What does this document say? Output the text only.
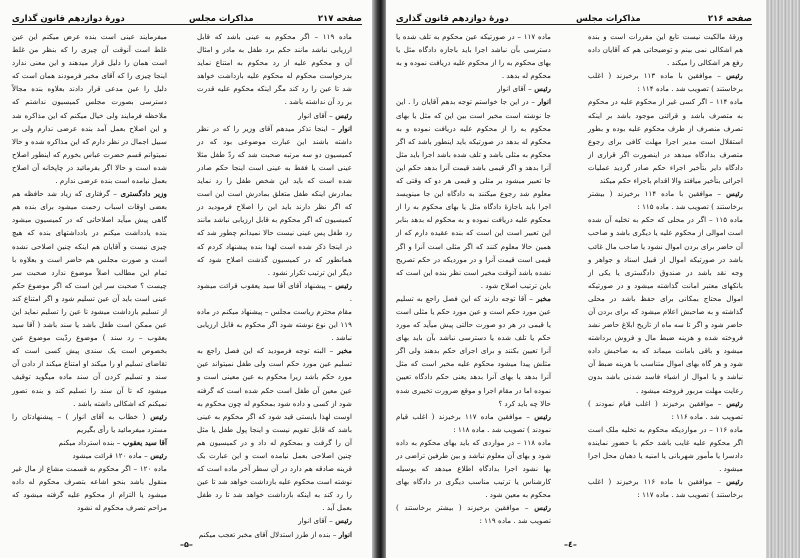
صفحه ۲۱۷
مذاکرات مجلس
دورهٔ دوازدهم قانون گذاری

ماده ۱۱۹ – اگر محکوم به عینی باشد که قابل ارزیابی نباشد مانند حکم برد طفل به مادر و امثال آن و محکوم علیه از رد محکوم به امتناع نماید بدرخواست محکوم له محکوم علیه بازداشت خواهد شد تا عین را رد کند مگر اینکه محکوم علیه قدرت بر رد آن نداشته باشد .

رئیس – آقای انوار

انوار – اینجا تذکر میدهم آقای وزیر را که در نظر داشته باشند این عبارت موضوعی بود که در کمیسیون دو سه مرتبه صحبت شد که ردّ طفل مثلا عینی است یا فقط به عینی است اینجا حکم صادر شده است که باید این شخص طفل را رد نماید بمادرش اینکه طفل متعلق بمادرش است این است که اگر نظر دارند باید این را اصلاح فرمودید در کمیسیون که اگر محکوم به قابل ارزیابی نباشد مانند رد طفل پس عینی نیست حالا نمیدانم چطور شد که در اینجا ذکر شده است لهذا بنده پیشنهاد کردم که همانطور که در کمیسیون گذشت اصلاح شود که دیگر این ترتیب تکرار نشود .

رئیس – پیشنهاد آقای آقا سید یعقوب قرائت میشود .

مقام محترم ریاست مجلس – پیشنهاد میکنم در ماده ۱۱۹ این نوع نوشته شود اگر محکوم به قابل ارزیابی نباشد .

مخبر – البته توجه فرمودید که این فصل راجع به تسلیم عین مورد حکم است ولی طفل نمیتواند عین مورد حکم باشد زیرا محکوم به عین معینی است و عین معین آن طفل است حکم شده است که گرفته شود از کسی و داده شود بمحکوم له چون محکوم به اوست لهذا بایستی قید شود که اگر محکوم به عینی باشد که قابل تقویم نیست و اینجا پول طفل یا مثل آن را گرفت و بمحکوم له داد و در کمیسیون هم چنین اصلاحی بعمل نیامده است و این عبارت یک قرینه صادقه هم دارد در آن سطر آخر ماده است که نوشته است محکوم علیه بازداشت خواهد شد تا عین را رد کند به اینکه بازداشت خواهد شد تا رد طفل بعمل آید .

رئیس – آقای انوار

انوار – بنده از طرز استدلال آقای مخبر تعجب میکنم

میفرمایند عینی است بنده عرض میکنم این عین غلط است آنوقت آن چیزی را که بنظر من غلط است همان را دلیل قرار میدهند و این معنی ندارد اینجا چیزی را که آقای مخبر فرمودند همان است که دلیل را عین مدعی قرار دادند بعلاوه بنده مجالاً دسترسی بصورت مجلس کمیسیون نداشتم که ملاحظه فرمایند ولی خیال میکنم که این مذاکره شد و این اصلاح بعمل آمد بنده عرضی ندارم ولی بر سبیل اجمال در نظر دارم که این مذاکره شده و حالا نمیتوانم قسم حضرت عباس بخورم که اینطور اصلاح شده است و حالا اگر بفرمائید در چاپخانه آن اصلاح بعمل نیامده است بنده عرضی ندارم .

وزیر دادگستری – گرفتاری که زیاد شد حافظه هم بعضی اوقات اسباب زحمت میشود برای بنده هم گاهی پیش میآید اصلاحاتی که در کمیسیون میشود بنده یادداشت میکنم در یادداشتهای بنده که هیچ چیزی نیست و آقایان هم اینکه چنین اصلاحی نشده است و صورت مجلس هم حاضر است و بعلاوه با تمام این مطالب اصلاً موضوع ندارد صحبت سر چیست ؟ صحبت سر این است که اگر موضوع حکم عینی است باید آن عین تسلیم شود و اگر امتناع کند از تسلیم بازداشت میشود تا عین را تسلیم نماید این عین ممکن است طفل باشد یا سند باشد ( آقا سید یعقوب – رد سند ) موضوع ردّیت موضوع عین بخصوص است یک سندی پیش کسی است که تقاضای تسلیم او را میکند او امتناع میکند از دادن آن سند و تسلیم کردن آن سند ماده میگوید توقیف میشود که تا آن سند را تسلیم کند و بنده تصور نمیکنم که اشکالی داشته باشد .

رئیس ( خطاب به آقای انوار ) – پیشنهادتان را مسترد میفرمائید یا رأی بگیریم

آقا سید یعقوب – بنده استرداد میکنم

رئیس – ماده ۱۲۰ قرائت میشود

ماده ۱۲۰ – اگر محکوم به قسمت مشاع از مال غیر منقول باشد بنحو اشاعه بتصرف محکوم له داده میشود یا التزام از محکوم علیه گرفته میشود که مزاحم تصرف محکوم له نشود

–۵–
صفحه ۲۱۶
مذاکرات مجلس
دورهٔ دوازدهم قانون گذاری

ورقهٔ مالکیت نیست تابع این مقررات است و بنده هم اشکالی نمی بینم و توضیحاتی هم که آقایان داده رفع هر اشکالی را میکند .

رئیس – موافقین با ماده ۱۱۳ برخیزند ( اغلب برخاستند ) تصویب شد . ماده ۱۱۴ :

ماده ۱۱۴ – اگر کسی غیر از محکوم علیه در محکوم به متصرف باشد و قرائنی موجود باشد بر اینکه تصرف منصرف از طرف محکوم علیه بوده و بطور استقلال است مدیر اجرا مهلت کافی برای رجوع متصرف بدادگاه میدهد در اینصورت اگر قراری از دادگاه دایر بتأخیر اجراء حکم صادر گردید عملیات اجرائی بتأخیر میافتد والا اقدام باجراء حکم میکند

رئیس – موافقین با ماده ۱۱۴ برخیزند ( بیشتر برخاستند ) تصویب شد . ماده ۱۱۵ :

ماده ۱۱۵ – اگر در محلی که حکم به تخلیه آن شده است اموالی از محکوم علیه یا دیگری باشد و صاحب آن حاضر برای بردن اموال نشود یا صاحب مال غائب باشد در صورتیکه اموال از قبیل اسناد و جواهر و وجه نقد باشد در صندوق دادگستری یا یکی از بانکهای معتبر امانت گذاشته میشود و در صورتیکه اموال محتاج بمکانی برای حفظ باشد در محلی گذاشته و به صاحبش اعلام میشود که برای بردن آن حاضر شود و اگر تا سه ماه از تاریخ ابلاغ حاضر نشد فروخته شده و هزینه ضبط مال و فروش برداشته میشود و باقی بامانت میماند که به صاحبش داده شود و هر گاه بهای اموال متناسب با هزینه ضبط آن نباشد و یا اموال از اشیاء فاسد شدنی باشد بدون رعایت مهلت مزبور فروخته میشود .

رئیس – موافقین برخیزند ( اغلب قیام نمودند ) تصویب شد . ماده ۱۱۶ :

ماده ۱۱۶ – در مواردیکه محکوم به تخلیه ملک است اگر محکوم علیه غایب باشد حکم با حضور نماینده دادسرا یا مأمور شهربانی یا امنیه یا دهبان محل اجرا میشود .

رئیس – موافقین با ماده ۱۱۶ برخیزند ( اغلب برخاستند ) تصویب شد . ماده ۱۱۷ :

ماده ۱۱۷ – در صورتیکه عین محکوم به تلف شده یا دسترسی بآن نباشد اجرا باید باجازه دادگاه مثل یا بهای محکوم به را از محکوم علیه دریافت نموده و به محکوم له بدهد .

رئیس – آقای انوار

انوار – در این جا خواستم توجه بدهم آقایان را . این جا نوشته است مخیر است بین این که مثل یا بهای محکوم به را از محکوم علیه دریافت نموده و به محکوم له بدهد در صورتیکه باید اینطور باشد که اگر محکوم به مثلی باشد و تلف شده باشد اجرا باید مثل آنرا بدهد و اگر قیمی باشد قیمت آنرا بدهد حکم این جا تعبیر میشود بر مثلی و قیمی هر دو که وقتی که معلوم شد رجوع میکنند به دادگاه این جا مینویسد اجرا باید باجازهٔ دادگاه مثل یا بهای محکوم به را از محکوم علیه دریافت نموده و به محکوم له بدهد بنابر این تعبیر است این است که بنده عقیده دارم که از همین حالا معلوم کنند که اگر مثلی است آنرا و اگر قیمی است قیمت آنرا و در موردیکه در حکم تصریح نشده باشد آنوقت مخیر است نظر بنده این است که باین ترتیب اصلاح شود .

مخبر – آقا توجه دارند که این فصل راجع به تسلیم عین مورد حکم است و عین مورد حکم یا مثلی است یا قیمی در هر دو صورت حالتی پیش میآید که مورد حکم یا تلف شده یا دسترسی نباشد بآن باید بهای آنرا تعیین بکنند و برای اجرای حکم بدهند ولی اگر مثلش پیدا میشود محکوم علیه مخیر است که مثل آنرا بدهد یا بهای آنرا بدهد یعنی حکم دادگاه تعیین نموده اما در مقام اجرا و موقع ضرورت تخییری شده حالا چه باید کرد ؟

رئیس – موافقین ماده ۱۱۷ برخیزند ( اغلب قیام نمودند ) تصویب شد . ماده ۱۱۸ :

ماده ۱۱۸ – در مواردی که باید بهای محکوم به داده شود و بهای آن معلوم نباشد و بین طرفین تراضی در بها نشود اجرا بدادگاه اطلاع میدهد که بوسیله کارشناس یا ترتیب مناسب دیگری در دادگاه بهای محکوم به معین شود .

رئیس – موافقین برخیزند ( بیشتر برخاستند ) تصویب شد . ماده ۱۱۹ :

–٤–
